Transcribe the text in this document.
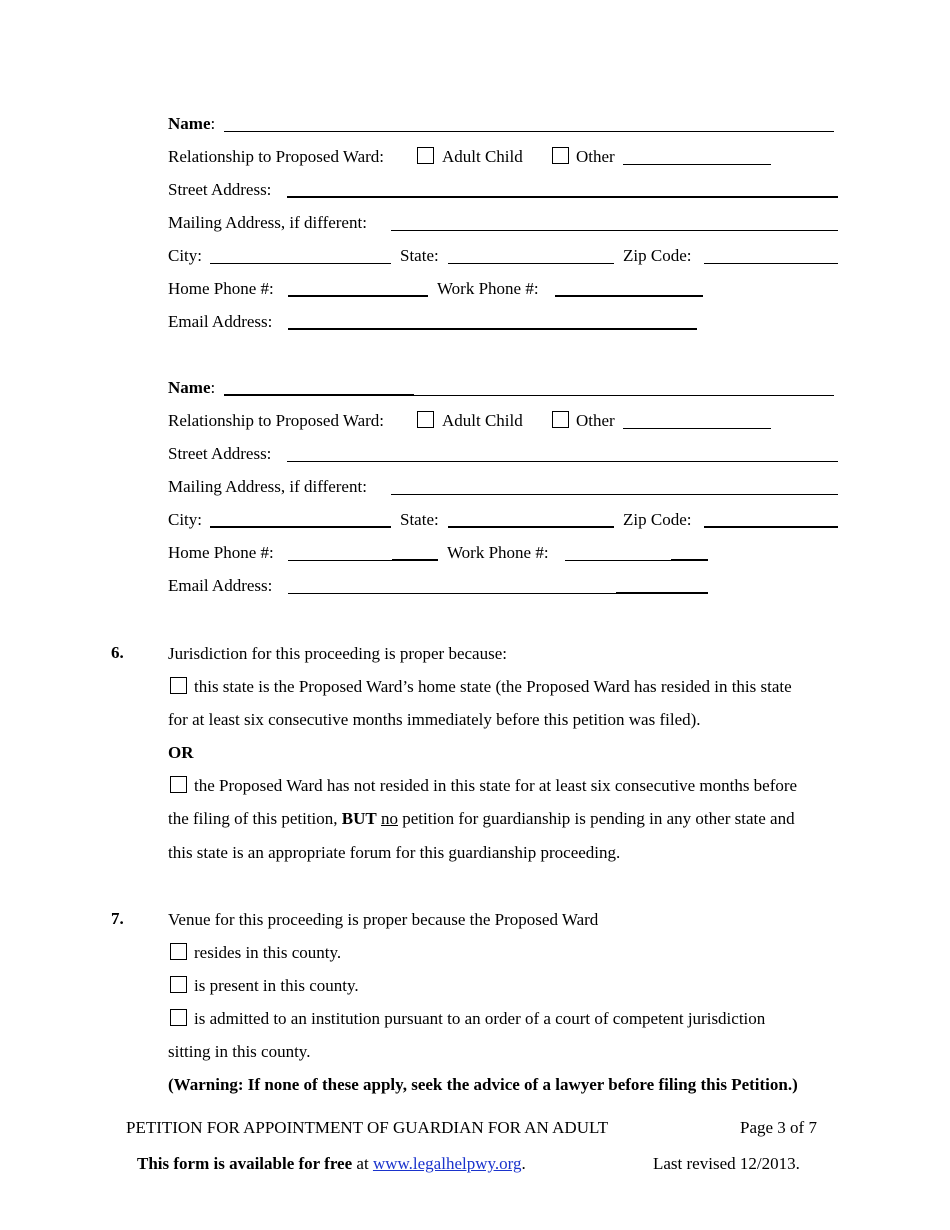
Name:
Relationship to Proposed Ward:	Adult Child	Other
Street Address:
Mailing Address, if different:
City:	State:	Zip Code:
Home Phone #:	Work Phone #:
Email Address:
Name:
Relationship to Proposed Ward:	Adult Child	Other
Street Address:
Mailing Address, if different:
City:	State:	Zip Code:
Home Phone #:	Work Phone #:
Email Address:
6.	Jurisdiction for this proceeding is proper because:
this state is the Proposed Ward’s home state (the Proposed Ward has resided in this state
for at least six consecutive months immediately before this petition was filed).
OR
the Proposed Ward has not resided in this state for at least six consecutive months before
the filing of this petition, BUT no petition for guardianship is pending in any other state and
this state is an appropriate forum for this guardianship proceeding.
7.	Venue for this proceeding is proper because the Proposed Ward
resides in this county.
is present in this county.
is admitted to an institution pursuant to an order of a court of competent jurisdiction
sitting in this county.
(Warning: If none of these apply, seek the advice of a lawyer before filing this Petition.)
PETITION FOR APPOINTMENT OF GUARDIAN FOR AN ADULT	Page 3 of 7
This form is available for free at www.legalhelpwy.org.	Last revised 12/2013.
